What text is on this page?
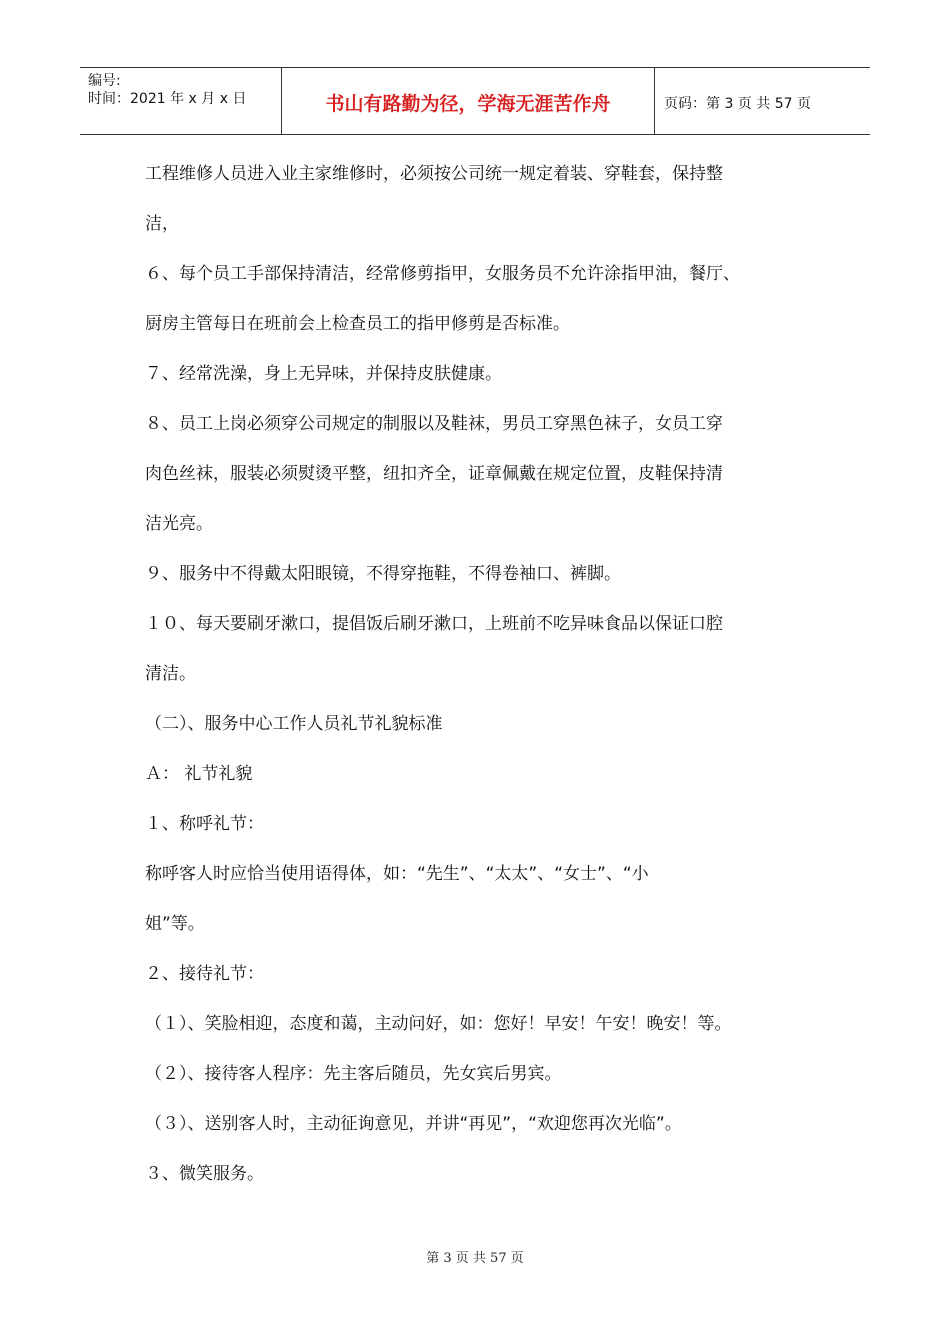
编号:
时间：2021 年 x 月 x 日	书山有路勤为径，学海无涯苦作舟	页码：第 3 页 共 57 页
工程维修人员进入业主家维修时，必须按公司统一规定着装、穿鞋套，保持整
洁，
６、每个员工手部保持清洁，经常修剪指甲，女服务员不允许涂指甲油，餐厅、
厨房主管每日在班前会上检查员工的指甲修剪是否标准。
７、经常洗澡，身上无异味，并保持皮肤健康。
８、员工上岗必须穿公司规定的制服以及鞋袜，男员工穿黑色袜子，女员工穿
肉色丝袜，服装必须熨烫平整，纽扣齐全，证章佩戴在规定位置，皮鞋保持清
洁光亮。
９、服务中不得戴太阳眼镜，不得穿拖鞋，不得卷袖口、裤脚。
１０、每天要刷牙漱口，提倡饭后刷牙漱口，上班前不吃异味食品以保证口腔
清洁。
（二）、服务中心工作人员礼节礼貌标准
Ａ： 礼节礼貌
１、称呼礼节：
称呼客人时应恰当使用语得体，如：“先生”、“太太”、“女士”、“小
姐”等。
２、接待礼节：
（１）、笑脸相迎，态度和蔼，主动问好，如：您好！早安！午安！晚安！等。
（２）、接待客人程序：先主客后随员，先女宾后男宾。
（３）、送别客人时，主动征询意见，并讲“再见”，“欢迎您再次光临”。
３、微笑服务。
第 3 页 共 57 页
